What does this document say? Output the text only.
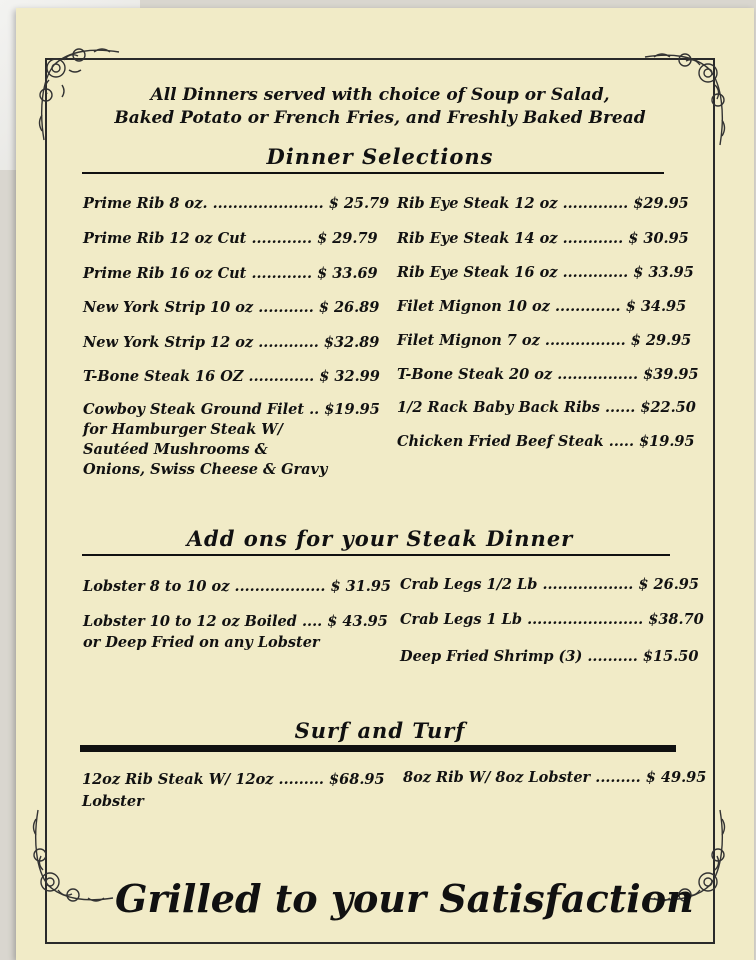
All Dinners served with choice of Soup or Salad,
Baked Potato or French Fries, and Freshly Baked Bread
Dinner Selections
Prime Rib 8 oz. ...................... $ 25.79
Prime Rib 12 oz Cut ............ $ 29.79
Prime Rib 16 oz Cut ............ $ 33.69
New York Strip 10 oz ........... $ 26.89
New York Strip 12 oz ............ $32.89
T-Bone Steak 16 OZ ............. $ 32.99
Cowboy Steak Ground Filet .. $19.95
for Hamburger Steak W/
Sautéed Mushrooms &
Onions, Swiss Cheese & Gravy
Rib Eye Steak 12 oz ............. $29.95
Rib Eye Steak 14 oz ............ $ 30.95
Rib Eye Steak 16 oz ............. $ 33.95
Filet Mignon 10 oz ............. $ 34.95
Filet Mignon 7 oz ................ $ 29.95
T-Bone Steak 20 oz ................ $39.95
1/2 Rack Baby Back Ribs ...... $22.50
Chicken Fried Beef Steak ..... $19.95
Add ons for your Steak Dinner
Lobster 8 to 10 oz .................. $ 31.95
Lobster 10 to 12 oz Boiled .... $ 43.95
or Deep Fried on any Lobster
Crab Legs 1/2 Lb .................. $ 26.95
Crab Legs 1 Lb ....................... $38.70
Deep Fried Shrimp (3) .......... $15.50
Surf and Turf
12oz Rib Steak W/ 12oz ......... $68.95
Lobster
8oz Rib W/ 8oz Lobster ......... $ 49.95
Grilled to your Satisfaction
